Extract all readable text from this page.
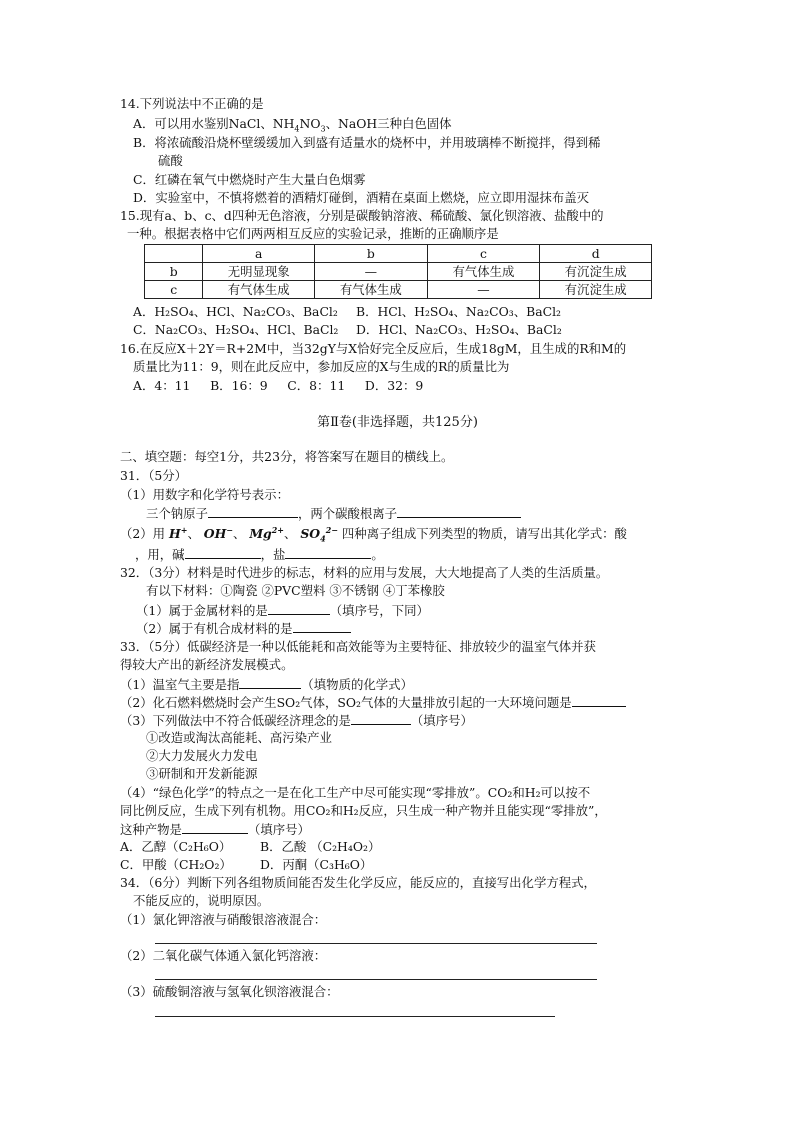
14.下列说法中不正确的是
A．可以用水鉴别NaCl、$NH_4NO_3$、NaOH三种白色固体
B．将浓硫酸沿烧杯壁缓缓加入到盛有适量水的烧杯中，并用玻璃棒不断搅拌，得到稀
硫酸
C．红磷在氧气中燃烧时产生大量白色烟雾
D．实验室中，不慎将燃着的酒精灯碰倒，酒精在桌面上燃烧，应立即用湿抹布盖灭
15.现有a、b、c、d四种无色溶液，分别是碳酸钠溶液、稀硫酸、氯化钡溶液、盐酸中的
一种。根据表格中它们两两相互反应的实验记录，推断的正确顺序是
	a	b	c	d
b	无明显现象	—	有气体生成	有沉淀生成
c	有气体生成	有气体生成	—	有沉淀生成
A．H₂SO₄、HCl、Na₂CO₃、BaCl₂ B．HCl、H₂SO₄、Na₂CO₃、BaCl₂
C．Na₂CO₃、H₂SO₄、HCl、BaCl₂ D．HCl、Na₂CO₃、H₂SO₄、BaCl₂
16.在反应X＋2Y＝R+2M中，当32gY与X恰好完全反应后，生成18gM，且生成的R和M的
质量比为11：9，则在此反应中，参加反应的X与生成的R的质量比为
A．4：11     B．16：9     C．8：11     D．32：9
第Ⅱ卷(非选择题，共125分)
二、填空题：每空1分，共23分，将答案写在题目的横线上。
31．（5分）
（1）用数字和化学符号表示：
三个钠原子	，两个碳酸根离子
（2）用 H+、 OH−、 $Mg^{2+}$、 $SO_4^{2-}$ 四种离子组成下列类型的物质，请写出其化学式：酸
，用，碱	，盐	。
32．（3分）材料是时代进步的标志，材料的应用与发展，大大地提高了人类的生活质量。
有以下材料：①陶瓷 ②PVC塑料 ③不锈钢 ④丁苯橡胶
（1）属于金属材料的是	（填序号，下同）
（2）属于有机合成材料的是
33．（5分）低碳经济是一种以低能耗和高效能等为主要特征、排放较少的温室气体并获
得较大产出的新经济发展模式。
（1）温室气主要是指	（填物质的化学式）
（2）化石燃料燃烧时会产生SO₂气体，SO₂气体的大量排放引起的一大环境问题是
（3）下列做法中不符合低碳经济理念的是	（填序号）
①改造或淘汰高能耗、高污染产业
②大力发展火力发电
③研制和开发新能源
（4）“绿色化学”的特点之一是在化工生产中尽可能实现“零排放”。CO₂和H₂可以按不
同比例反应，生成下列有机物。用CO₂和H₂反应，只生成一种产物并且能实现“零排放”，
这种产物是	（填序号）
A．乙醇（C₂H₆O） B．乙酸 （C₂H₄O₂）
C．甲酸（CH₂O₂） D．丙酮（C₃H₆O）
34．（6分）判断下列各组物质间能否发生化学反应，能反应的，直接写出化学方程式，
不能反应的，说明原因。
（1）氯化钾溶液与硝酸银溶液混合：
（2）二氧化碳气体通入氯化钙溶液：
（3）硫酸铜溶液与氢氧化钡溶液混合：
